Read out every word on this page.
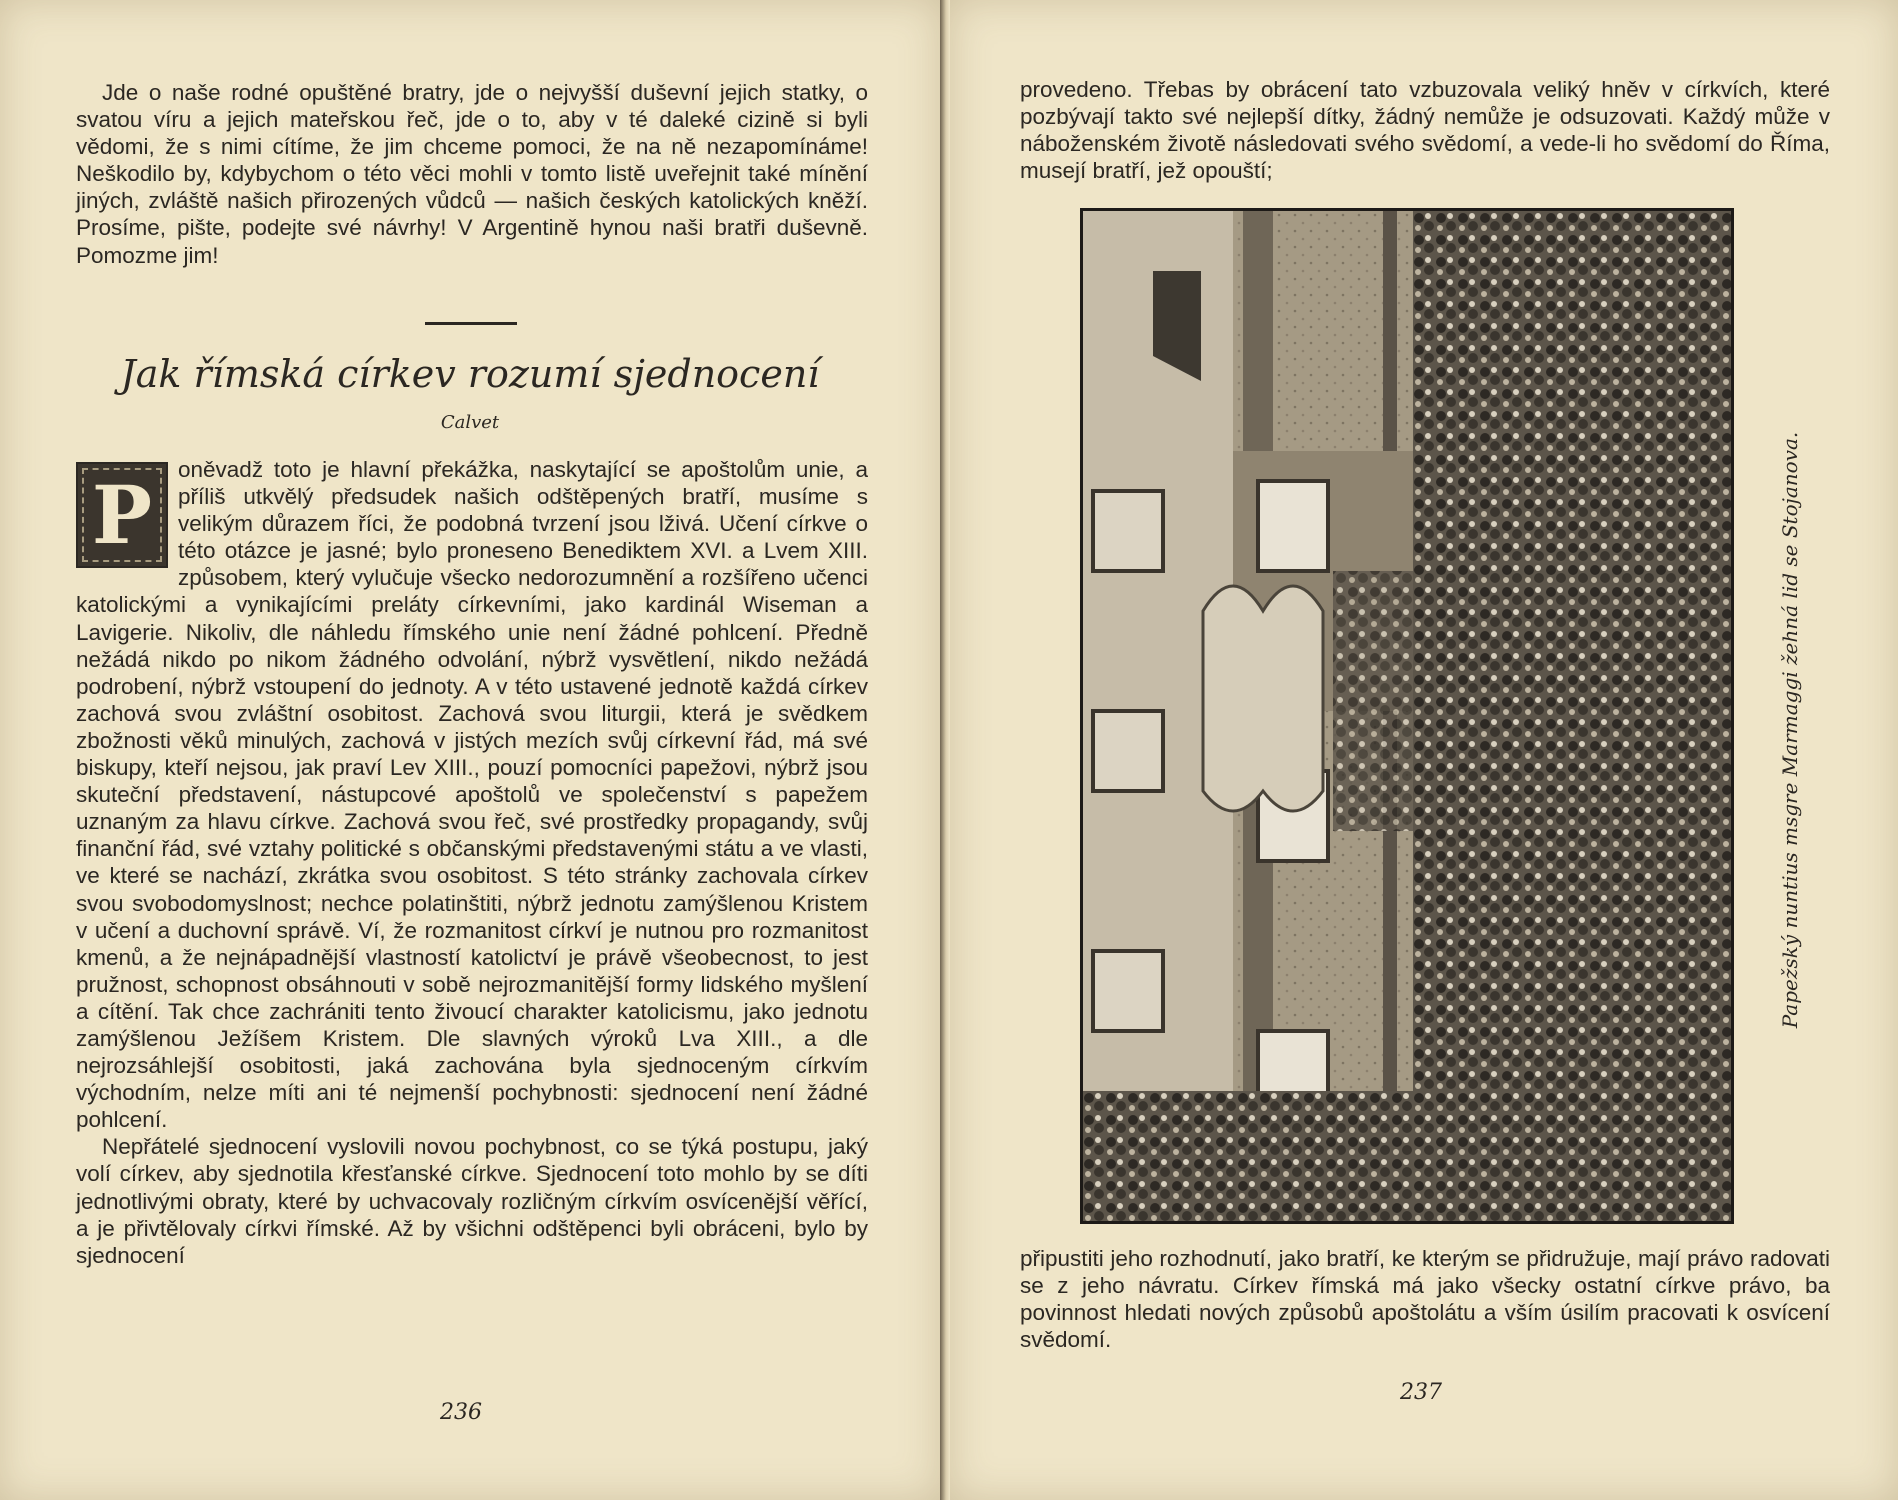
Jde o naše rodné opuštěné bratry, jde o nejvyšší duševní jejich statky, o svatou víru a jejich mateřskou řeč, jde o to, aby v té daleké cizině si byli vědomi, že s nimi cítíme, že jim chceme pomoci, že na ně nezapomínáme! Neškodilo by, kdybychom o této věci mohli v tomto listě uveřejnit také mínění jiných, zvláště našich přirozených vůdců — našich českých katolických kněží. Prosíme, pište, podejte své návrhy! V Argentině hynou naši bratři duševně. Pomozme jim!

Jak římská církev rozumí sjednocení
Calvet
P	oněvadž toto je hlavní překážka, naskytající se apoštolům unie, a příliš utkvělý předsudek našich odštěpených bratří, musíme s velikým důrazem říci, že podobná tvrzení jsou lživá. Učení církve o této otázce je jasné; bylo proneseno Benediktem XVI. a Lvem XIII. způsobem, který vylučuje všecko nedorozumnění a rozšířeno učenci katolickými a vynikajícími preláty církevními, jako kardinál Wiseman a Lavigerie. Nikoliv, dle náhledu římského unie není žádné pohlcení. Předně nežádá nikdo po nikom žádného odvolání, nýbrž vysvětlení, nikdo nežádá podrobení, nýbrž vstoupení do jednoty. A v této ustavené jednotě každá církev zachová svou zvláštní osobitost. Zachová svou liturgii, která je svědkem zbožnosti věků minulých, zachová v jistých mezích svůj církevní řád, má své biskupy, kteří nejsou, jak praví Lev XIII., pouzí pomocníci papežovi, nýbrž jsou skuteční představení, nástupcové apoštolů ve společenství s papežem uznaným za hlavu církve. Zachová svou řeč, své prostředky propagandy, svůj finanční řád, své vztahy politické s občanskými představenými státu a ve vlasti, ve které se nachází, zkrátka svou osobitost. S této stránky zachovala církev svou svobodomyslnost; nechce polatinštiti, nýbrž jednotu zamýšlenou Kristem v učení a duchovní správě. Ví, že rozmanitost církví je nutnou pro rozmanitost kmenů, a že nejnápadnější vlastností katolictví je právě všeobecnost, to jest pružnost, schopnost obsáhnouti v sobě nejrozmanitější formy lidského myšlení a cítění. Tak chce zachrániti tento živoucí charakter katolicismu, jako jednotu zamýšlenou Ježíšem Kristem. Dle slavných výroků Lva XIII., a dle nejrozsáhlejší osobitosti, jaká zachována byla sjednoceným církvím východním, nelze míti ani té nejmenší pochybnosti: sjednocení není žádné pohlcení.

Nepřátelé sjednocení vyslovili novou pochybnost, co se týká postupu, jaký volí církev, aby sjednotila křesťanské církve. Sjednocení toto mohlo by se díti jednotlivými obraty, které by uchvacovaly rozličným církvím osvícenější věřící, a je přivtělovaly církvi římské. Až by všichni odštěpenci byli obráceni, bylo by sjednocení

236

provedeno. Třebas by obrácení tato vzbuzovala veliký hněv v církvích, které pozbývají takto své nejlepší dítky, žádný nemůže je odsuzovati. Každý může v náboženském životě následovati svého svědomí, a vede-li ho svědomí do Říma, musejí bratří, jež opouští;

Papežský nuntius msgre Marmaggi žehná lid se Stojanova.

připustiti jeho rozhodnutí, jako bratří, ke kterým se přidružuje, mají právo radovati se z jeho návratu. Církev římská má jako všecky ostatní církve právo, ba povinnost hledati nových způsobů apoštolátu a vším úsilím pracovati k osvícení svědomí.

237
